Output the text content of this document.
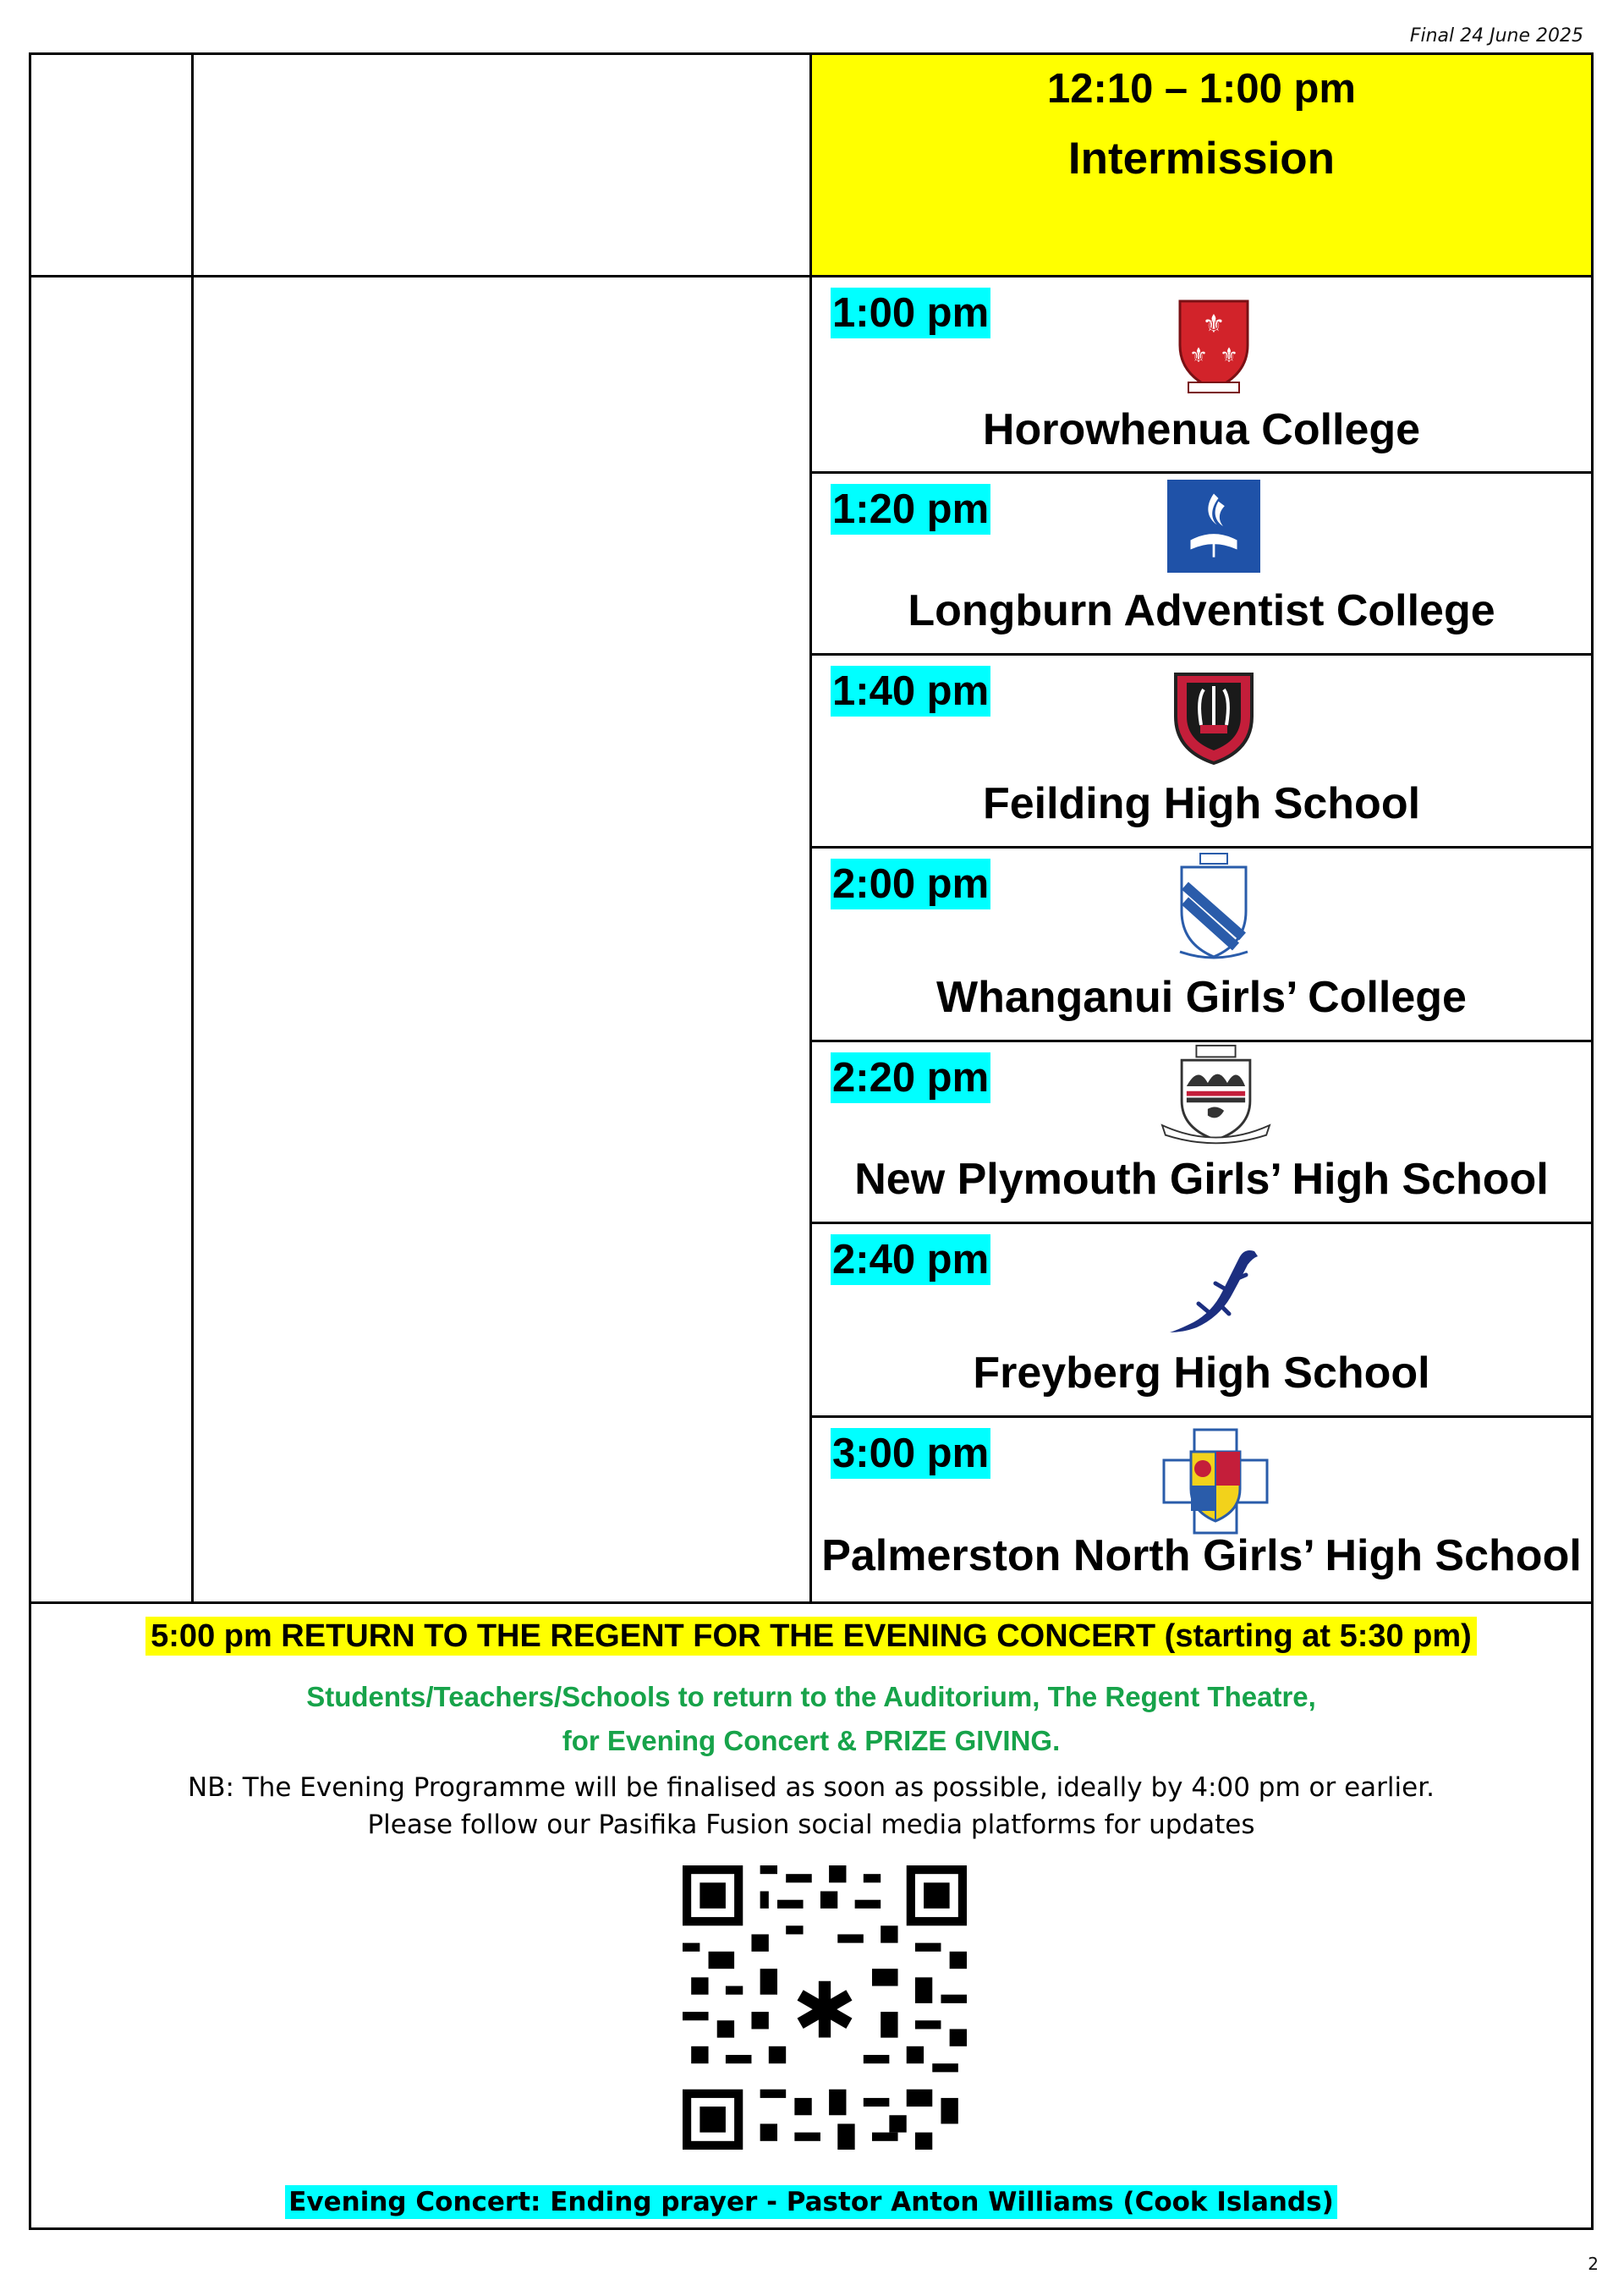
Final 24 June 2025
12:10 – 1:00 pm
Intermission
1:00 pm	⚜
⚜ ⚜
Horowhenua College
1:20 pm
Longburn Adventist College
1:40 pm
Feilding High School
2:00 pm
Whanganui Girls’ College
2:20 pm
New Plymouth Girls’ High School
2:40 pm
Freyberg High School
3:00 pm
Palmerston North Girls’ High School
5:00 pm RETURN TO THE REGENT FOR THE EVENING CONCERT (starting at 5:30 pm)
Students/Teachers/Schools to return to the Auditorium, The Regent Theatre,
for Evening Concert & PRIZE GIVING.
NB: The Evening Programme will be finalised as soon as possible, ideally by 4:00 pm or earlier.
Please follow our Pasifika Fusion social media platforms for updates
✱
Evening Concert: Ending prayer - Pastor Anton Williams (Cook Islands)
2
